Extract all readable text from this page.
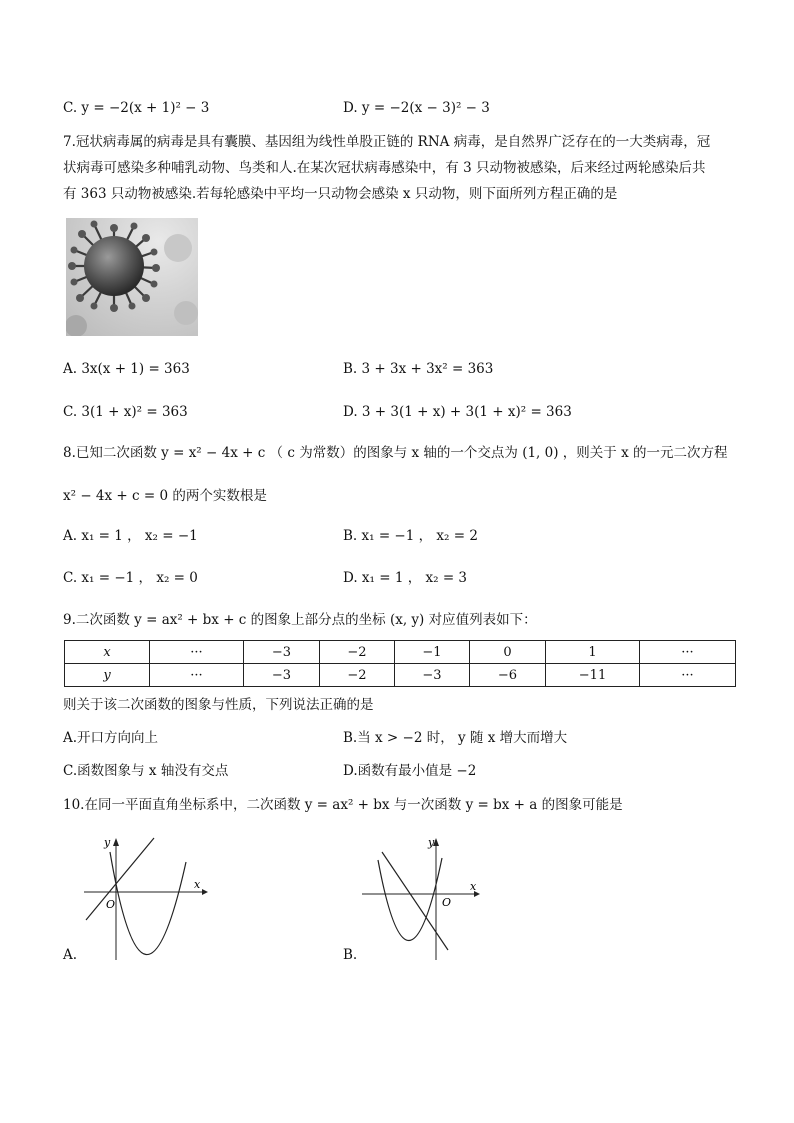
C. y = −2(x + 1)² − 3	D. y = −2(x − 3)² − 3
7.冠状病毒属的病毒是具有囊膜、基因组为线性单股正链的 RNA 病毒，是自然界广泛存在的一大类病毒，冠
状病毒可感染多种哺乳动物、鸟类和人.在某次冠状病毒感染中，有 3 只动物被感染，后来经过两轮感染后共
有 363 只动物被感染.若每轮感染中平均一只动物会感染 x 只动物，则下面所列方程正确的是
A. 3x(x + 1) = 363	B. 3 + 3x + 3x² = 363
C. 3(1 + x)² = 363	D. 3 + 3(1 + x) + 3(1 + x)² = 363
8.已知二次函数 y = x² − 4x + c （ c 为常数）的图象与 x 轴的一个交点为 (1, 0) ，则关于 x 的一元二次方程
x² − 4x + c = 0 的两个实数根是
A. x₁ = 1 ， x₂ = −1	B. x₁ = −1 ， x₂ = 2
C. x₁ = −1 ， x₂ = 0	D. x₁ = 1 ， x₂ = 3
9.二次函数 y = ax² + bx + c 的图象上部分点的坐标 (x, y) 对应值列表如下：
x	···	−3	−2	−1	0	1	···
y	···	−3	−2	−3	−6	−11	···
则关于该二次函数的图象与性质，下列说法正确的是
A.开口方向向上	B.当 x > −2 时， y 随 x 增大而增大
C.函数图象与 x 轴没有交点	D.函数有最小值是 −2
10.在同一平面直角坐标系中，二次函数 y = ax² + bx 与一次函数 y = bx + a 的图象可能是
x
y
O
A.
x
y
O
B.
